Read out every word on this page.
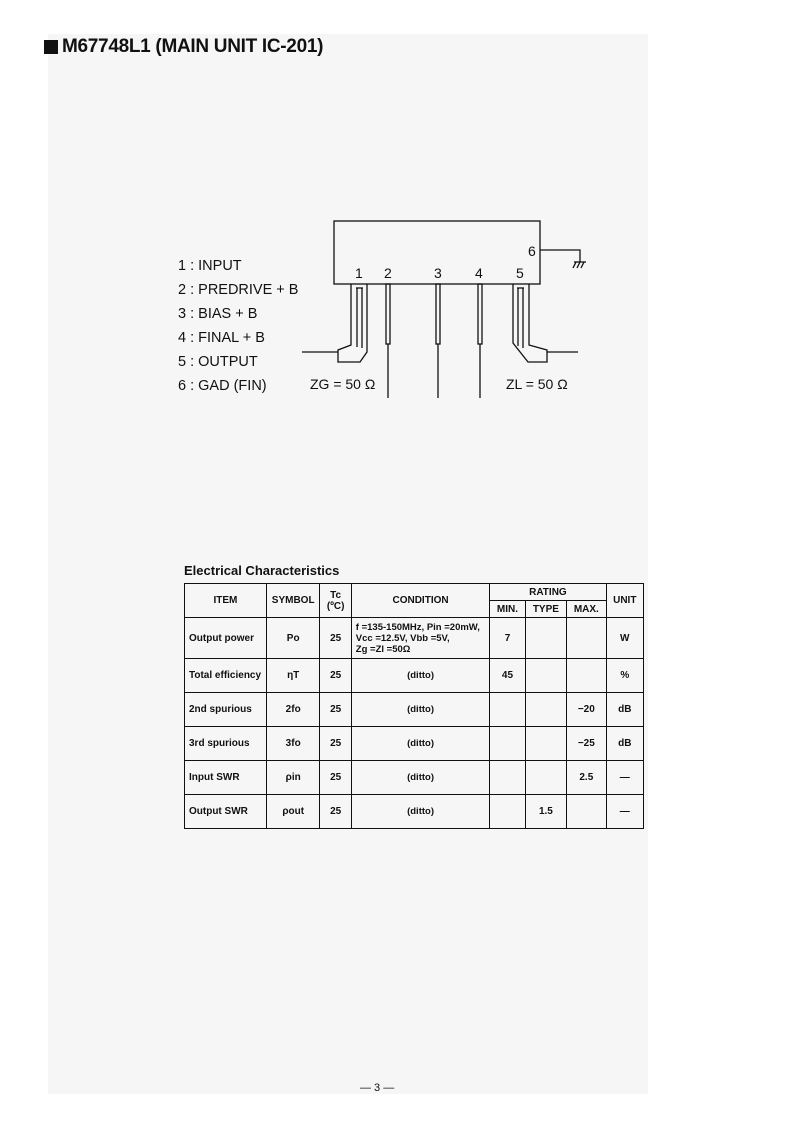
M67748L1 (MAIN UNIT IC-201)
1 : INPUT
2 : PREDRIVE + B
3 : BIAS + B
4 : FINAL + B
5 : OUTPUT
6 : GAD (FIN)
1 2	3 4 5
6
ZG = 50 Ω	ZL = 50 Ω
Electrical Characteristics
ITEM	SYMBOL	Tc
(ºC)	CONDITION	RATING			UNIT
				MIN.	TYPE	MAX.	
Output power	Po	25	f =135-150MHz, Pin =20mW,
Vcc =12.5V, Vbb =5V,
Zg =Zl =50Ω	7			W
Total efficiency	ηT	25	(ditto)	45			%
2nd spurious	2fo	25	(ditto)			−20	dB
3rd spurious	3fo	25	(ditto)			−25	dB
Input SWR	ρin	25	(ditto)			2.5	—
Output SWR	ρout	25	(ditto)		1.5		—
— 3 —
